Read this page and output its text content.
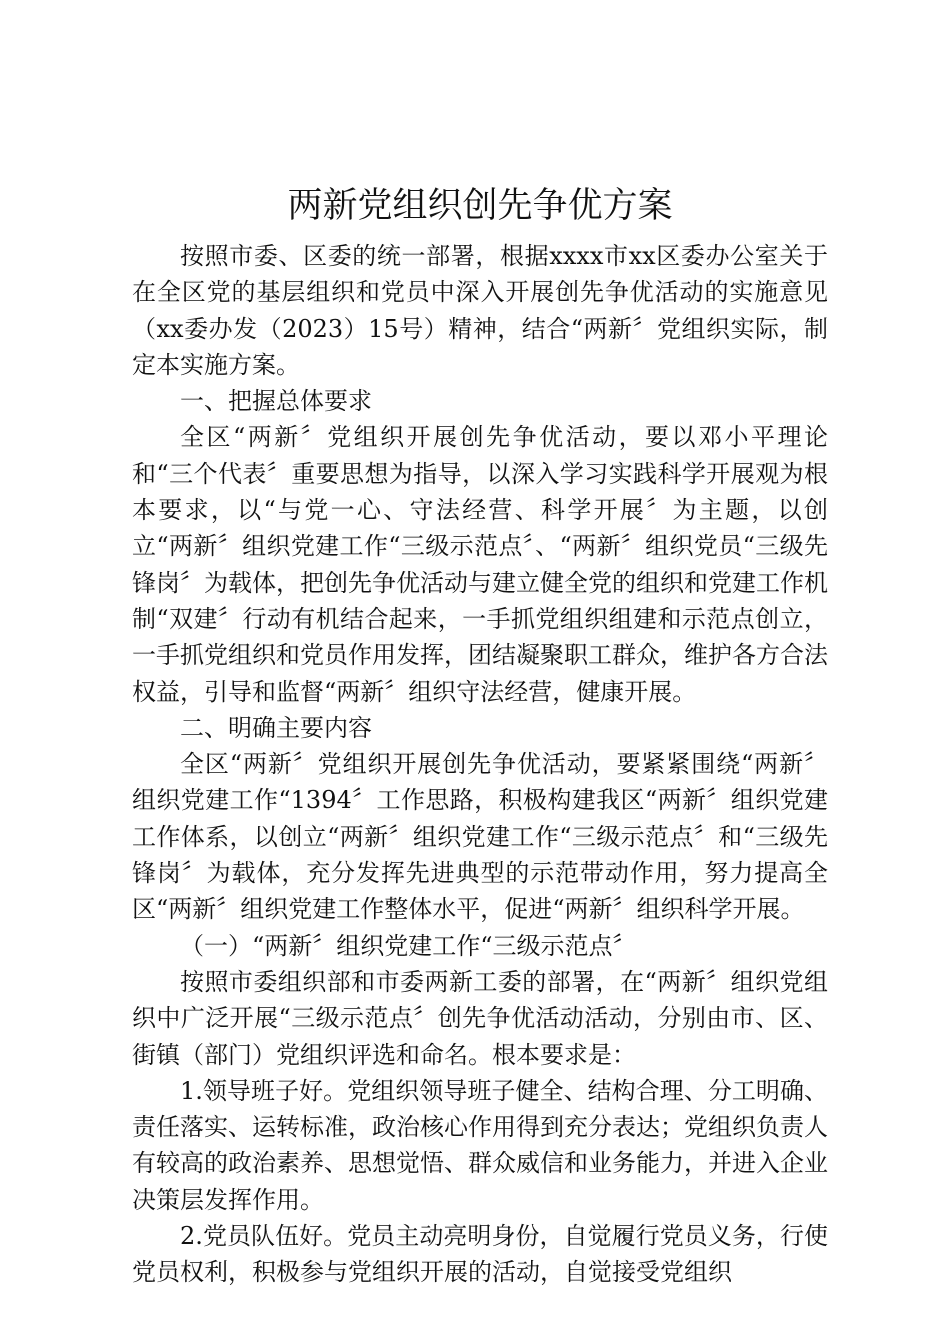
两新党组织创先争优方案

按照市委、区委的统一部署，根据xxxx市xx区委办公室关于在全区党的基层组织和党员中深入开展创先争优活动的实施意见（xx委办发（2023）15号）精神，结合“两新〞党组织实际，制定本实施方案。

一、把握总体要求

全区“两新〞党组织开展创先争优活动，要以邓小平理论和“三个代表〞重要思想为指导，以深入学习实践科学开展观为根本要求，以“与党一心、守法经营、科学开展〞为主题，以创立“两新〞组织党建工作“三级示范点〞、“两新〞组织党员“三级先锋岗〞为载体，把创先争优活动与建立健全党的组织和党建工作机制“双建〞行动有机结合起来，一手抓党组织组建和示范点创立，一手抓党组织和党员作用发挥，团结凝聚职工群众，维护各方合法权益，引导和监督“两新〞组织守法经营，健康开展。

二、明确主要内容

全区“两新〞党组织开展创先争优活动，要紧紧围绕“两新〞组织党建工作“1394〞工作思路，积极构建我区“两新〞组织党建工作体系，以创立“两新〞组织党建工作“三级示范点〞和“三级先锋岗〞为载体，充分发挥先进典型的示范带动作用，努力提高全区“两新〞组织党建工作整体水平，促进“两新〞组织科学开展。

（一）“两新〞组织党建工作“三级示范点〞

按照市委组织部和市委两新工委的部署，在“两新〞组织党组织中广泛开展“三级示范点〞创先争优活动活动，分别由市、区、街镇（部门）党组织评选和命名。根本要求是：

1.领导班子好。党组织领导班子健全、结构合理、分工明确、责任落实、运转标准，政治核心作用得到充分表达；党组织负责人有较高的政治素养、思想觉悟、群众威信和业务能力，并进入企业决策层发挥作用。

2.党员队伍好。党员主动亮明身份，自觉履行党员义务，行使党员权利，积极参与党组织开展的活动，自觉接受党组织
